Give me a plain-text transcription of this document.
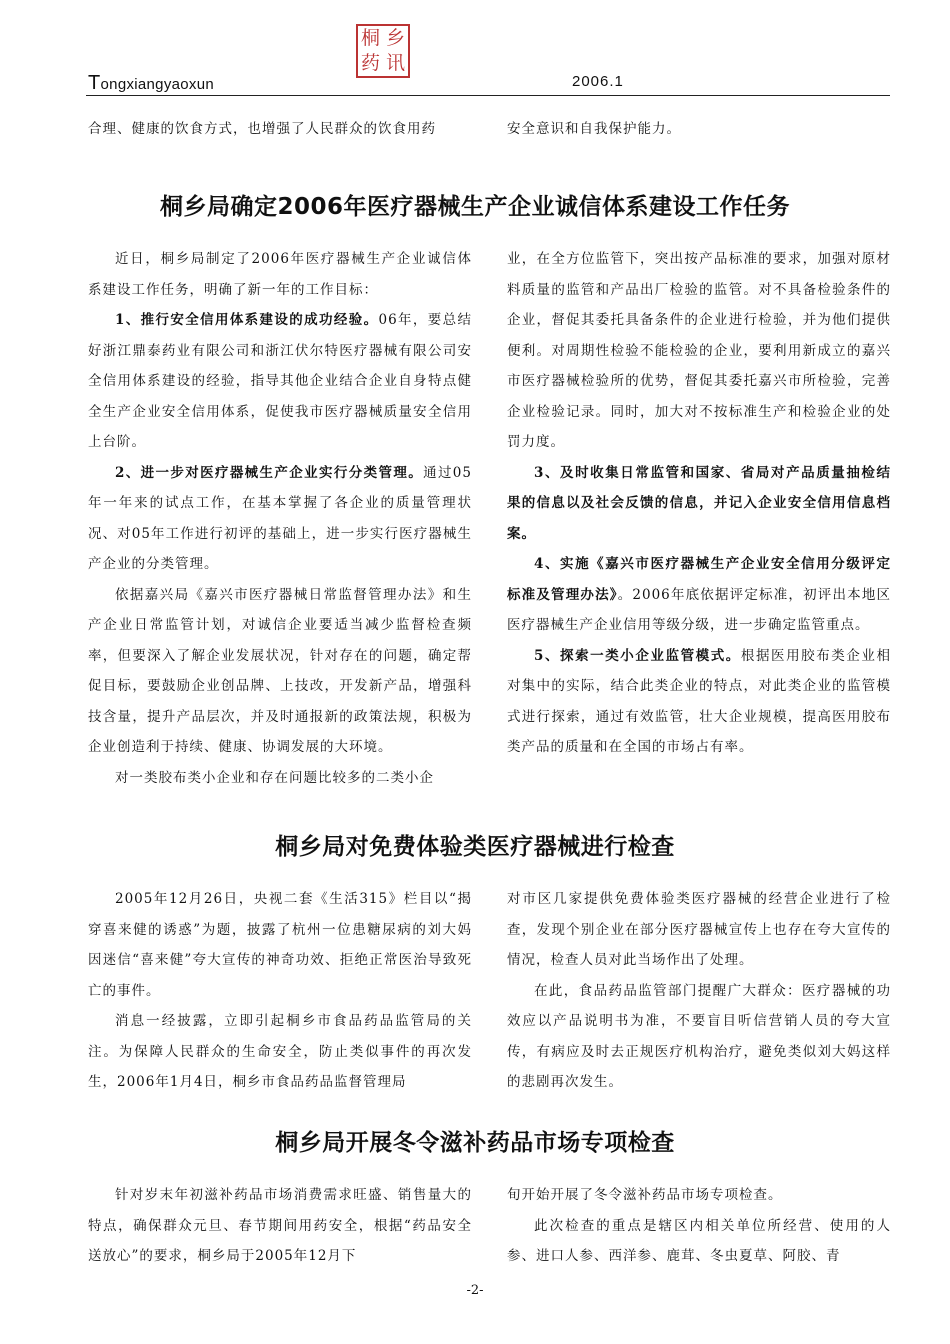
Tongxiangyaoxun
桐 乡
药 讯
2006.1

合理、健康的饮食方式，也增强了人民群众的饮食用药	安全意识和自我保护能力。

桐乡局确定2006年医疗器械生产企业诚信体系建设工作任务

近日，桐乡局制定了2006年医疗器械生产企业诚信体系建设工作任务，明确了新一年的工作目标：

1、推行安全信用体系建设的成功经验。06年，要总结好浙江鼎泰药业有限公司和浙江伏尔特医疗器械有限公司安全信用体系建设的经验，指导其他企业结合企业自身特点健全生产企业安全信用体系，促使我市医疗器械质量安全信用上台阶。

2、进一步对医疗器械生产企业实行分类管理。通过05年一年来的试点工作，在基本掌握了各企业的质量管理状况、对05年工作进行初评的基础上，进一步实行医疗器械生产企业的分类管理。

依据嘉兴局《嘉兴市医疗器械日常监督管理办法》和生产企业日常监管计划，对诚信企业要适当减少监督检查频率，但要深入了解企业发展状况，针对存在的问题，确定帮促目标，要鼓励企业创品牌、上技改，开发新产品，增强科技含量，提升产品层次，并及时通报新的政策法规，积极为企业创造利于持续、健康、协调发展的大环境。

对一类胶布类小企业和存在问题比较多的二类小企

业，在全方位监管下，突出按产品标准的要求，加强对原材料质量的监管和产品出厂检验的监管。对不具备检验条件的企业，督促其委托具备条件的企业进行检验，并为他们提供便利。对周期性检验不能检验的企业，要利用新成立的嘉兴市医疗器械检验所的优势，督促其委托嘉兴市所检验，完善企业检验记录。同时，加大对不按标准生产和检验企业的处罚力度。

3、及时收集日常监管和国家、省局对产品质量抽检结果的信息以及社会反馈的信息，并记入企业安全信用信息档案。

4、实施《嘉兴市医疗器械生产企业安全信用分级评定标准及管理办法》。2006年底依据评定标准，初评出本地区医疗器械生产企业信用等级分级，进一步确定监管重点。

5、探索一类小企业监管模式。根据医用胶布类企业相对集中的实际，结合此类企业的特点，对此类企业的监管模式进行探索，通过有效监管，壮大企业规模，提高医用胶布类产品的质量和在全国的市场占有率。

桐乡局对免费体验类医疗器械进行检查

2005年12月26日，央视二套《生活315》栏目以“揭穿喜来健的诱惑”为题，披露了杭州一位患糖尿病的刘大妈因迷信“喜来健”夸大宣传的神奇功效、拒绝正常医治导致死亡的事件。

消息一经披露，立即引起桐乡市食品药品监管局的关注。为保障人民群众的生命安全，防止类似事件的再次发生，2006年1月4日，桐乡市食品药品监督管理局

对市区几家提供免费体验类医疗器械的经营企业进行了检查，发现个别企业在部分医疗器械宣传上也存在夸大宣传的情况，检查人员对此当场作出了处理。

在此，食品药品监管部门提醒广大群众：医疗器械的功效应以产品说明书为准，不要盲目听信营销人员的夸大宣传，有病应及时去正规医疗机构治疗，避免类似刘大妈这样的悲剧再次发生。

桐乡局开展冬令滋补药品市场专项检查

针对岁末年初滋补药品市场消费需求旺盛、销售量大的特点，确保群众元旦、春节期间用药安全，根据“药品安全送放心”的要求，桐乡局于2005年12月下

旬开始开展了冬令滋补药品市场专项检查。

此次检查的重点是辖区内相关单位所经营、使用的人参、进口人参、西洋参、鹿茸、冬虫夏草、阿胶、青

-2-
